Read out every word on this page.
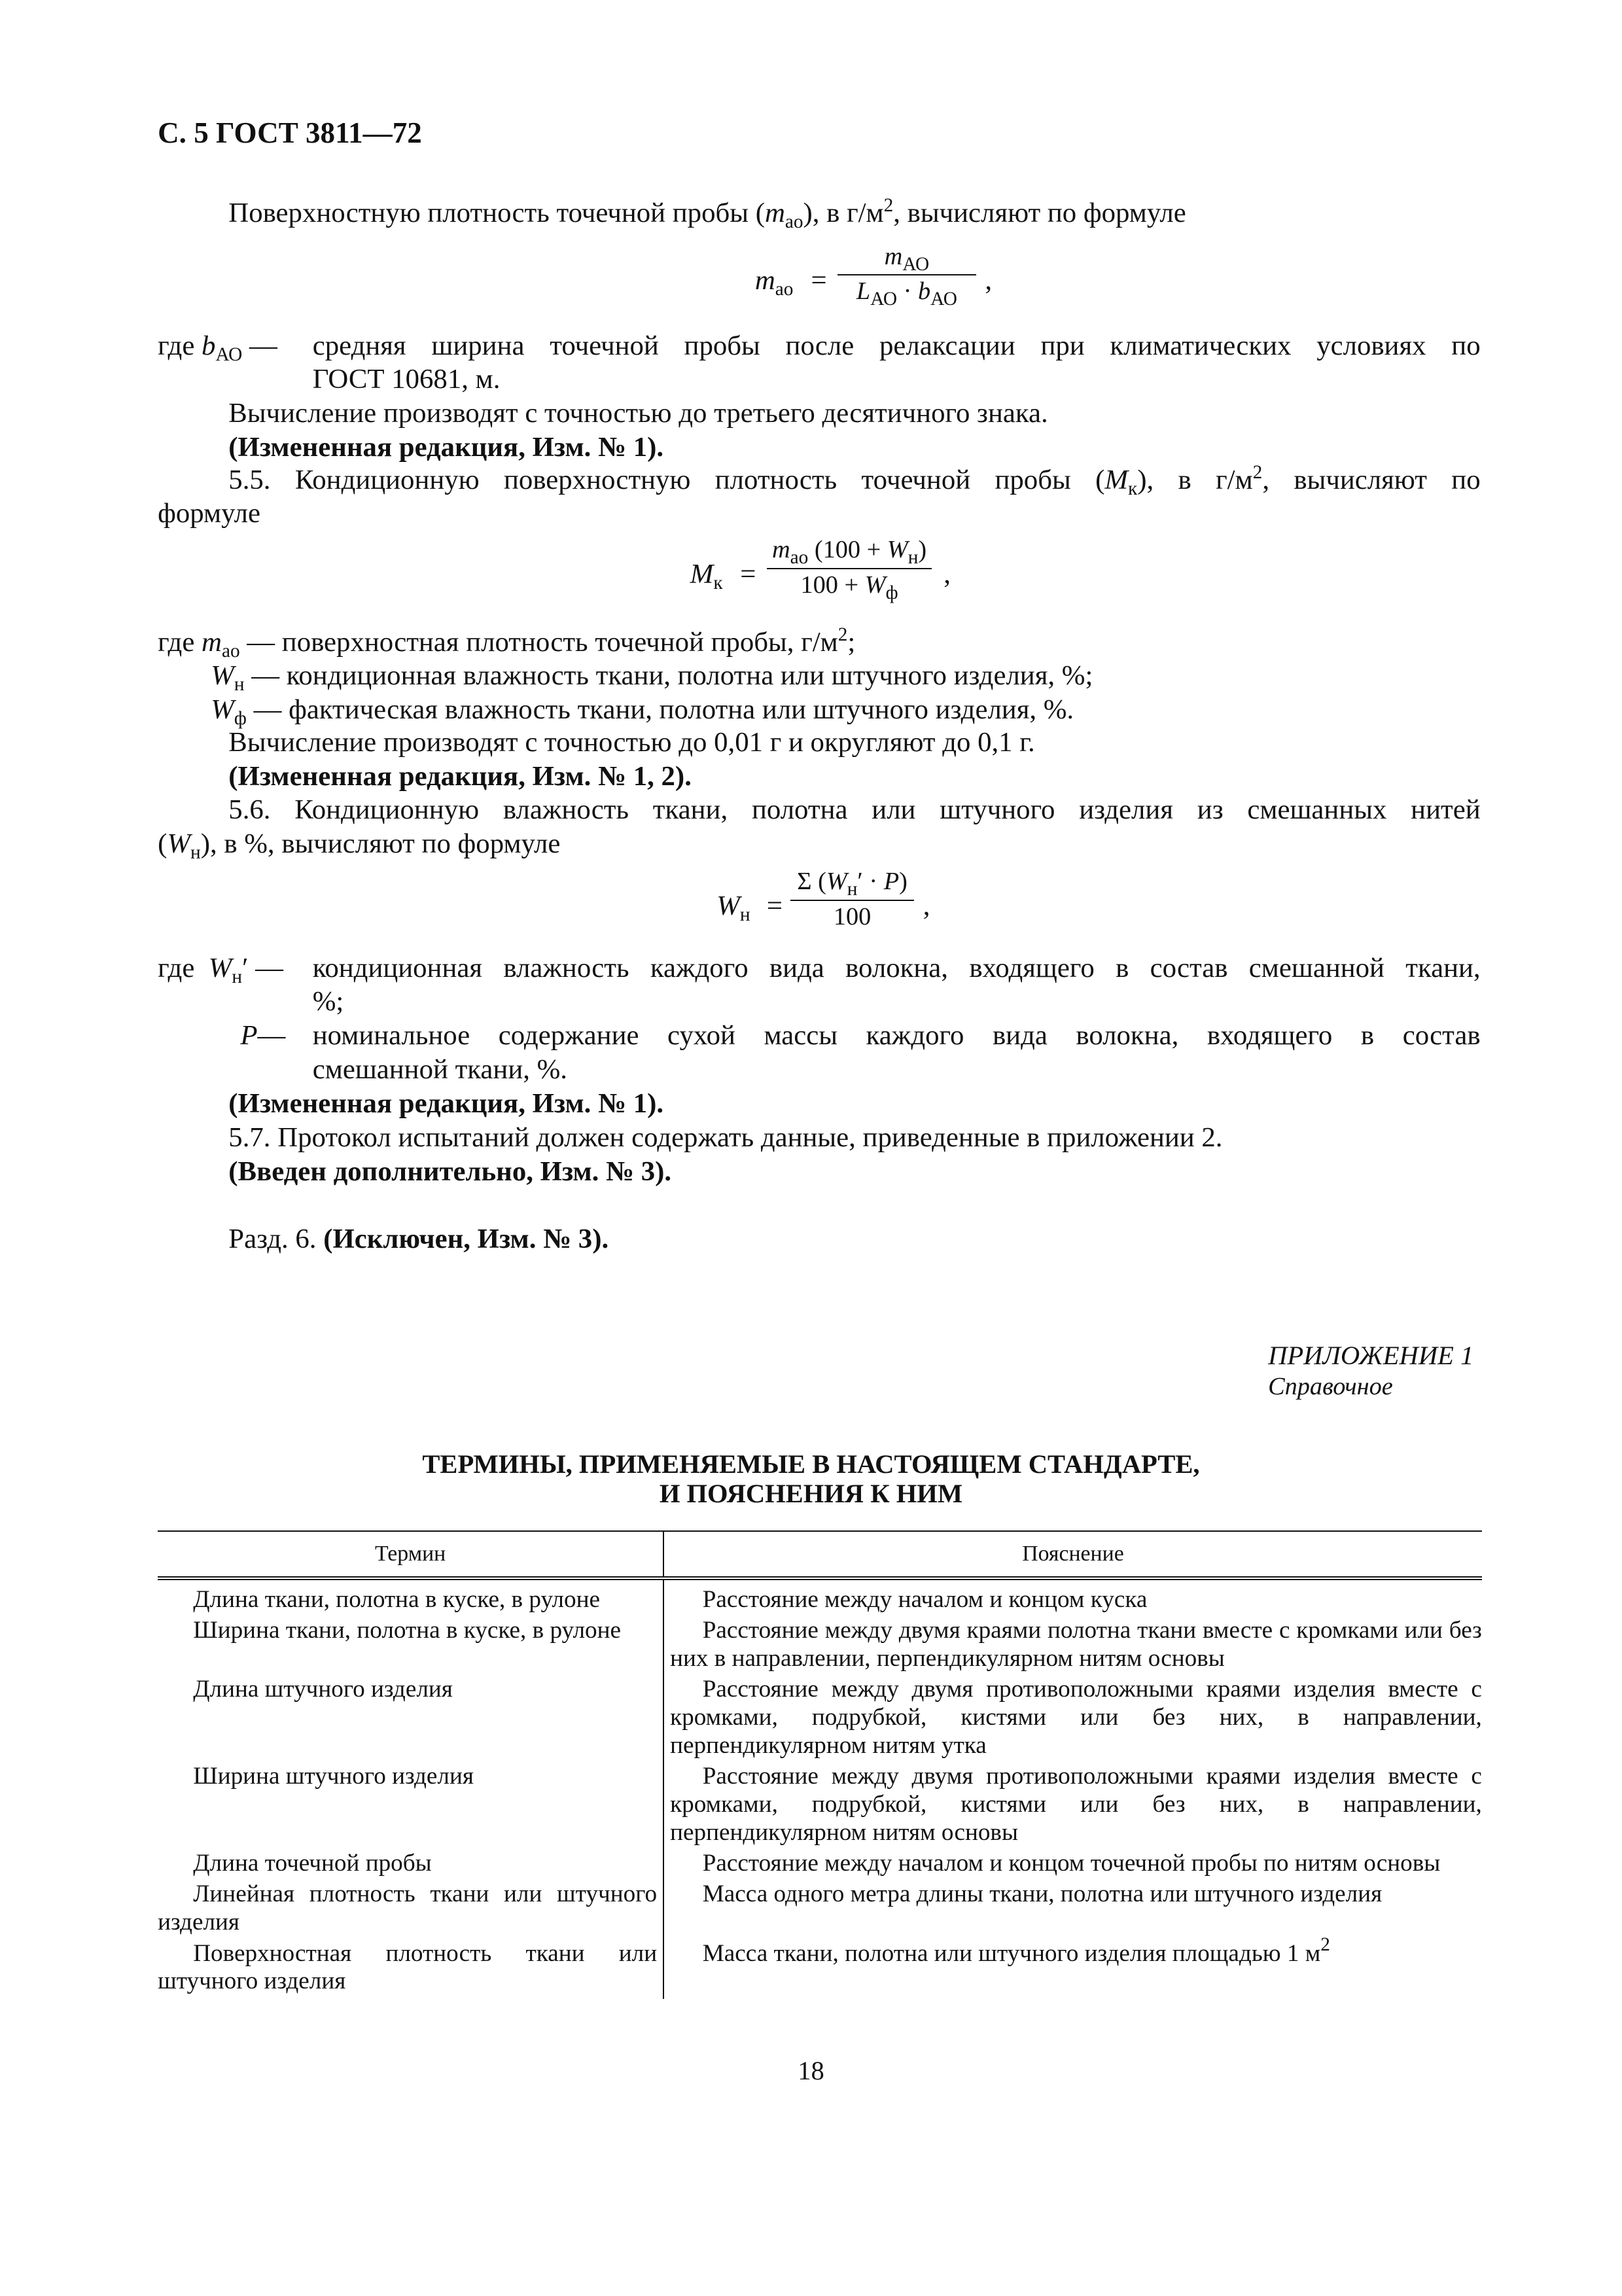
С. 5 ГОСТ 3811—72
Поверхностную плотность точечной пробы $(m_{ао})$, в $г/м^2$, вычисляют по формуле
$m_{ао}$ =
$m_{АО}$
$L_{АО} \cdot b_{АО}$
,
где $b_{АО}$ —	средняя ширина точечной пробы после релаксации при климатических условиях по
ГОСТ 10681, м.
Вычисление производят с точностью до третьего десятичного знака.
(Измененная редакция, Изм. № 1).
5.5. Кондиционную поверхностную плотность точечной пробы $(M_к)$, в $г/м^2$, вычисляют по
формуле
$M_к$ =
$m_{ао}$ $(100 + W_н)$
$100 + W_ф$
,
где $m_{ао}$ — поверхностная плотность точечной пробы, $г/м^2$;
$W_н$ — кондиционная влажность ткани, полотна или штучного изделия, %;
$W_ф$ — фактическая влажность ткани, полотна или штучного изделия, %.
Вычисление производят с точностью до 0,01 г и округляют до 0,1 г.
(Измененная редакция, Изм. № 1, 2).
5.6. Кондиционную влажность ткани, полотна или штучного изделия из смешанных нитей
$(W_н)$, в %, вычисляют по формуле
$W_н$ =
Σ $(W_н' \cdot P)$
100	,
где $W_н'$ — кондиционная влажность каждого вида волокна, входящего в состав смешанной ткани,
%;
P— номинальное содержание сухой массы каждого вида волокна, входящего в состав
смешанной ткани, %.
(Измененная редакция, Изм. № 1).
5.7. Протокол испытаний должен содержать данные, приведенные в приложении 2.
(Введен дополнительно, Изм. № 3).
Разд. 6. (Исключен, Изм. № 3).
ПРИЛОЖЕНИЕ 1
Справочное
ТЕРМИНЫ, ПРИМЕНЯЕМЫЕ В НАСТОЯЩЕМ СТАНДАРТЕ,
И ПОЯСНЕНИЯ К НИМ
Термин	Пояснение
Длина ткани, полотна в куске, в рулоне	Расстояние между началом и концом куска
Ширина ткани, полотна в куске, в рулоне	Расстояние между двумя краями полотна ткани вместе с кромками или без них в направлении, перпендикулярном нитям основы
Длина штучного изделия	Расстояние между двумя противоположными краями изделия вместе с кромками, подрубкой, кистями или без них, в направлении, перпендикулярном нитям утка
Ширина штучного изделия	Расстояние между двумя противоположными краями изделия вместе с кромками, подрубкой, кистями или без них, в направлении, перпендикулярном нитям основы
Длина точечной пробы	Расстояние между началом и концом точечной пробы по нитям основы
Линейная плотность ткани или штучного изделия	Масса одного метра длины ткани, полотна или штучного изделия
Поверхностная плотность ткани или штучного изделия	Масса ткани, полотна или штучного изделия площадью 1 $м^2$
18
